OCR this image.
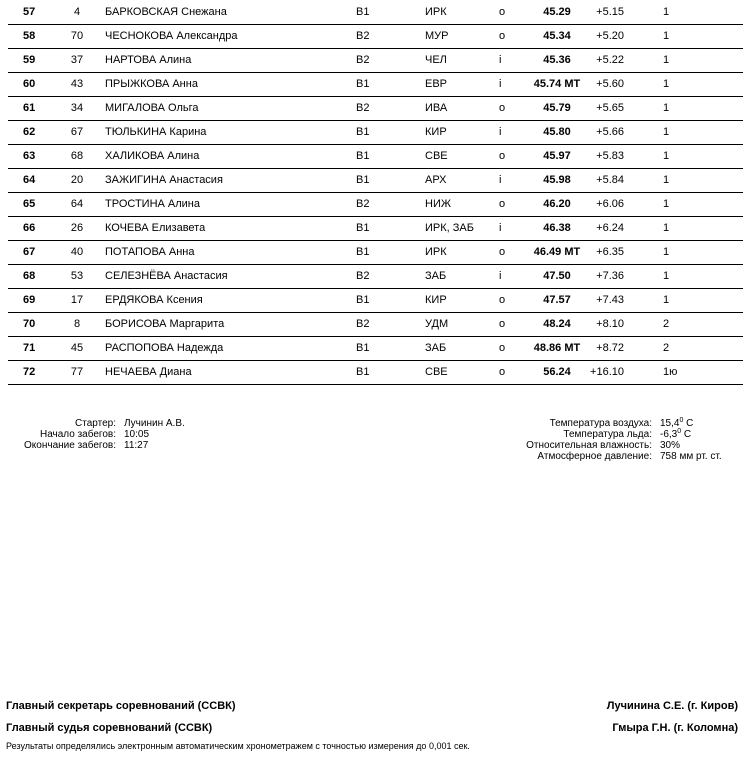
57	4	БАРКОВСКАЯ Снежана	B1	ИРК	o	45.29	+5.15	1
58	70 ЧЕСНОКОВА Александра	B2	МУР	o	45.34	+5.20	1
59	37 НАРТОВА Алина	B2	ЧЕЛ	i	45.36	+5.22	1
60	43 ПРЫЖКОВА Анна	B1	ЕВР	i	45.74 МТ	+5.60	1
61	34 МИГАЛОВА Ольга	B2	ИВА	o	45.79	+5.65	1
62	67 ТЮЛЬКИНА Карина	B1	КИР	i	45.80	+5.66	1
63	68 ХАЛИКОВА Алина	B1	СВЕ	o	45.97	+5.83	1
64	20 ЗАЖИГИНА Анастасия	B1	АРХ	i	45.98	+5.84	1
65	64 ТРОСТИНА Алина	B2	НИЖ	o	46.20	+6.06	1
66	26 КОЧЕВА Елизавета	B1	ИРК, ЗАБ i	46.38	+6.24	1
67	40 ПОТАПОВА Анна	B1	ИРК	o	46.49 МТ	+6.35	1
68	53 СЕЛЕЗНЁВА Анастасия	B2	ЗАБ	i	47.50	+7.36	1
69	17 ЕРДЯКОВА Ксения	B1	КИР	o	47.57	+7.43	1
70	8	БОРИСОВА Маргарита	B2	УДМ	o	48.24	+8.10	2
71	45 РАСПОПОВА Надежда	B1	ЗАБ	o	48.86 МТ	+8.72	2
72	77 НЕЧАЕВА Диана	B1	СВЕ	o	56.24	+16.10	1ю
Стартер: Лучинин А.В.
Начало забегов: 10:05
Окончание забегов: 11:27
Температура воздуха: 15,4$^0$ C
Температура льда: $-6,3^0$ C
Относительная влажность: 30%
Атмосферное давление: 758 мм рт. ст.
Главный секретарь соревнований (ССВК)	Лучинина С.Е. (г. Киров)
Главный судья соревнований (ССВК)	Гмыра Г.Н. (г. Коломна)
Результаты определялись электронным автоматическим хронометражем с точностью измерения до 0,001 сек.
